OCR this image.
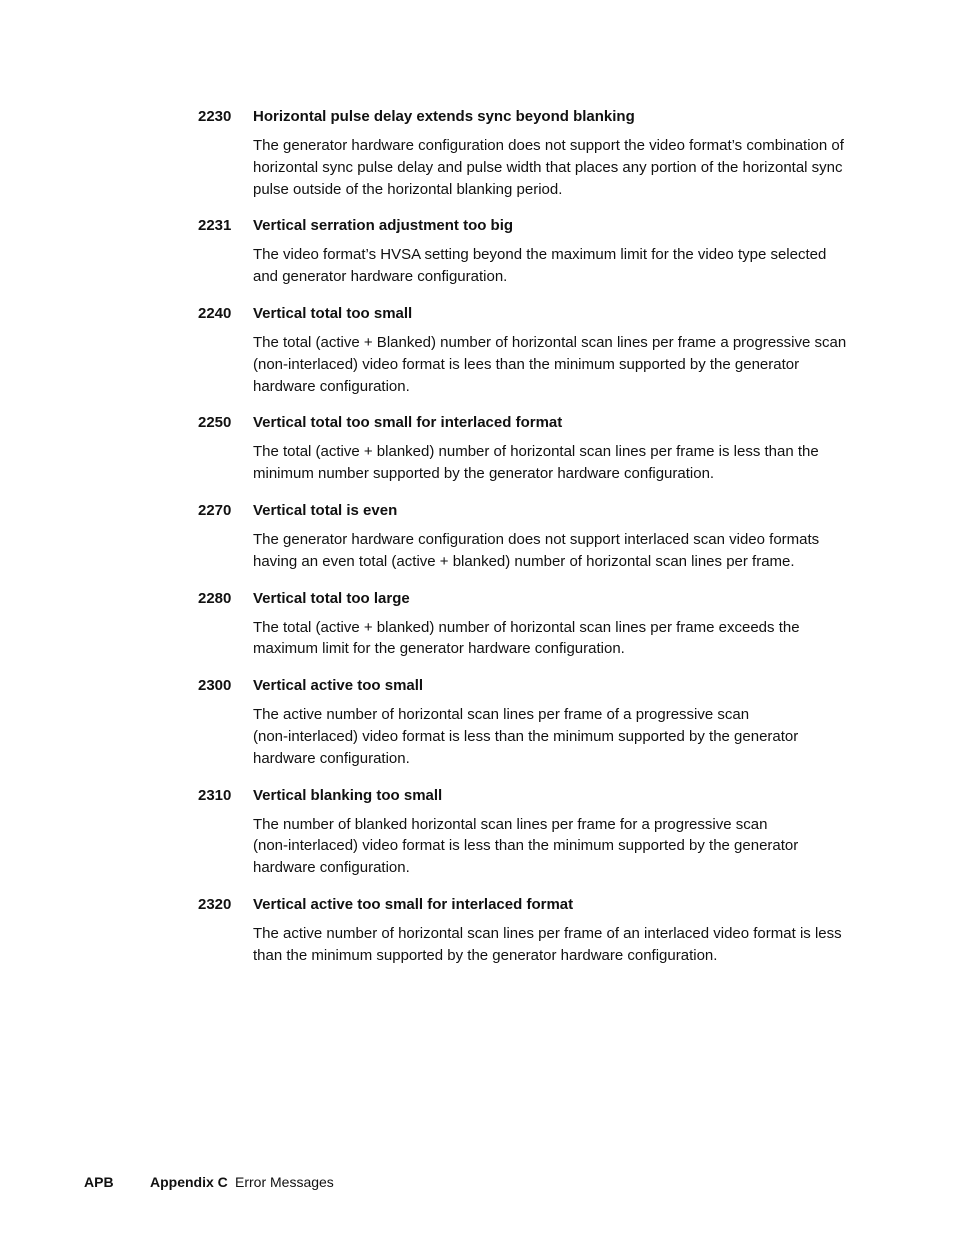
2230 Horizontal pulse delay extends sync beyond blanking
The generator hardware configuration does not support the video format’s combination of
horizontal sync pulse delay and pulse width that places any portion of the horizontal sync
pulse outside of the horizontal blanking period.
2231 Vertical serration adjustment too big
The video format’s HVSA setting beyond the maximum limit for the video type selected
and generator hardware configuration.
2240 Vertical total too small
The total (active + Blanked) number of horizontal scan lines per frame a progressive scan
(non-interlaced) video format is lees than the minimum supported by the generator
hardware configuration.
2250 Vertical total too small for interlaced format
The total (active + blanked) number of horizontal scan lines per frame is less than the
minimum number supported by the generator hardware configuration.
2270 Vertical total is even
The generator hardware configuration does not support interlaced scan video formats
having an even total (active + blanked) number of horizontal scan lines per frame.
2280 Vertical total too large
The total (active + blanked) number of horizontal scan lines per frame exceeds the
maximum limit for the generator hardware configuration.
2300 Vertical active too small
The active number of horizontal scan lines per frame of a progressive scan
(non-interlaced) video format is less than the minimum supported by the generator
hardware configuration.
2310 Vertical blanking too small
The number of blanked horizontal scan lines per frame for a progressive scan
(non-interlaced) video format is less than the minimum supported by the generator
hardware configuration.
2320 Vertical active too small for interlaced format
The active number of horizontal scan lines per frame of an interlaced video format is less
than the minimum supported by the generator hardware configuration.
APB	Appendix C Error Messages
